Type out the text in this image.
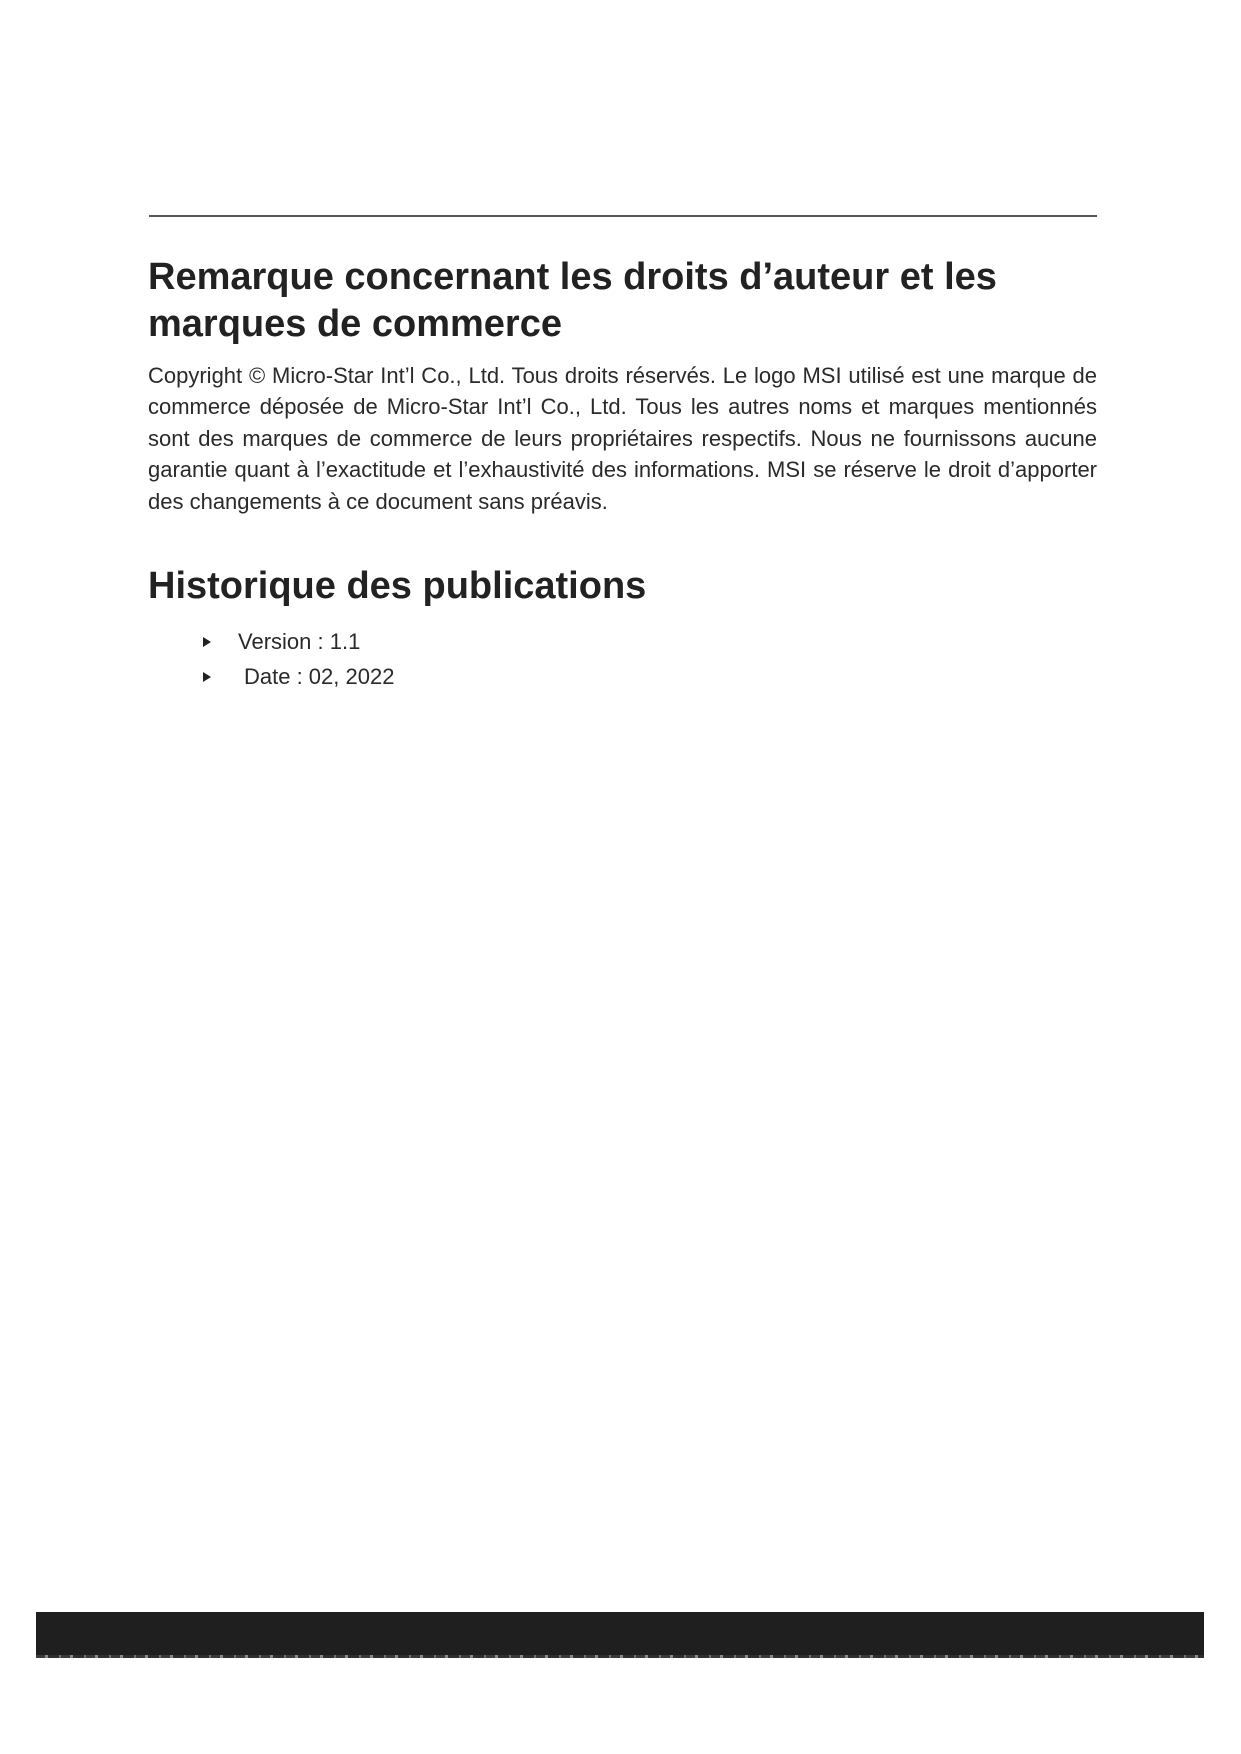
Remarque concernant les droits d’auteur et les marques de commerce

Copyright © Micro-Star Int’l Co., Ltd. Tous droits réservés. Le logo MSI utilisé est une marque de commerce déposée de Micro-Star Int’l Co., Ltd. Tous les autres noms et marques mentionnés sont des marques de commerce de leurs propriétaires respectifs. Nous ne fournissons aucune garantie quant à l’exactitude et l’exhaustivité des informations. MSI se réserve le droit d’apporter des changements à ce document sans préavis.

Historique des publications
Version : 1.1
Date : 02, 2022
